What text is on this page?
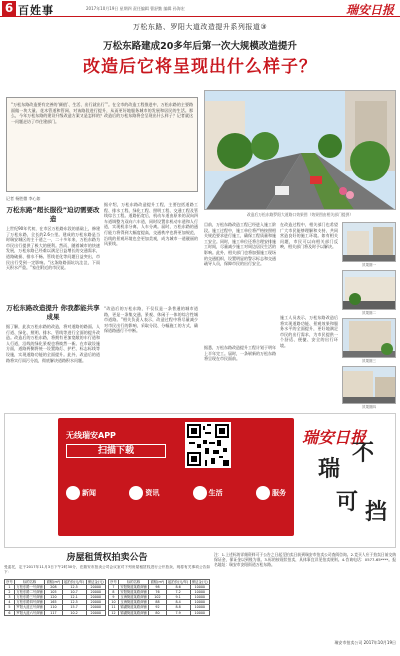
6 百姓事	2017年10月19日 星期四 责任编辑 曹舒勤 编辑 孙海宏	瑞安日报
万松东路、罗阳大道改造提升系列报道③
万松东路建成20多年后第一次大规模改造提升
改造后它将呈现出什么样子？
“万松东路改造要有完善的‘颜值’、生活、出行就出行’”。在全市的改造工程推进中，万松东路的主要路面做一块大量、花木管道和管网、对该路段进行提升，从而更好地服务城市的发展和居民的生活。那么，今年万松东路的建设升级改造方案又是怎样的？改造后的万松东路将会呈现出什么样子？记者就这一问题走访了市住建部门。
记者 杨胜微 李心如
万松东路“超长服役”迫切需要改造
上世纪90年代初，在市区万松路东段的基础上，修建了万松东路，全长约2.6公里。建成的万松东路是当时瑞安城区的主干道之一，二十多年来，万松东路为市民出行提供了极大的便利。然而，随着城市的快速发展，万松东路已经难以满足日益增长的交通需求，道路破损、排水不畅、管线老化等问题日益突出，市民出行受到一定影响。“这条路路面坑坑洼洼，下雨天积水严重。”家住附近的市民说。
万松东路改造提升 你我都能共享成果
据了解，此次万松东路的改造，将对道路的路面、人行道、绿化、照明、排水、管线等进行全面的提升改造。改造后的万松东路，将拥有更加宽敞的车行道和人行道，沿线的绿化景观也将焕然一新。在市政设施方面，道路两侧将统一设置路灯、护栏、标志标线等设施，实现道路功能的全面提升。此外，改造后的道路将实行雨污分流，彻底解决道路积水问题。
据介绍，万松东路改造提升工程，主要包括道路工程、排水工程、绿化工程、照明工程、交通工程及管线综合工程。道路拓宽后，机动车道由原来的双向四车道调整为双向六车道，同时设置非机动车道和人行道，实现机非分离、人车分离。届时，万松东路的通行能力将得到大幅度提高，交通秩序也将更加规范，沿线的景观环境也会更加美观，成为城市一道靓丽的风景线。
“改造后的万松东路，不仅仅是一条普通的城市道路，更是一条集交通、景观、休闲于一体的综合性城市道路。”相关负责人表示，改造过程中将尽量减少对市民出行的影响，采取分段、分幅施工的方式，确保道路通行不中断。
改造后万松东路罗阳大道路口效果图（效果图由相关部门提供）
目前，万松东路改造工程已经进入施工阶段。施工过程中，施工单位将严格按照相关规范要求进行施工，确保工程质量和施工安全。同时，施工单位还将合理安排施工时间，尽量减少施工对周边居民生活的影响。此外，相关部门也将加强施工现场的交通组织，设置明显的警示标志和交通疏导人员，保障市民的出行安全。
据悉，万松东路改造提升工程计划于明年上半年完工。届时，一条崭新的万松东路将呈现在市民面前。
在改造过程中，相关部门也希望广大市民能够理解和支持，共同营造良好的施工环境。如有相关问题，市民可以向相关部门反映，相关部门将及时予以解决。
施工人员表示，万松东路改造后将实现道路功能、景观效果和服务水平的全面提升，更好地满足市民的出行需求，为市民提供一个舒适、便捷、安全的出行环境。
效果图一
效果图二
效果图三
效果图四
无线瑞安APP
扫描下载
新闻	资讯	生活	服务
瑞安日报
瑞
不
可 挡
房屋租赁权拍卖公告
受委托，定于2017年11月3日下午2时30分，在瑞安市拍卖公司会议室对下列房屋租赁权进行公开拍卖，现将有关事项公告如下：
序号	标的名称	面积(m²)	起拍价(元/年)	保证金(元)
1	万松东路一号商铺	208	12.5	20000
2	万松东路二号商铺	105	10.7	20000
3	万松东路三号商铺	120	12.1	20000
4	万松东路四号商铺	165	12.5	20000
5	罗阳大道五号商铺	110	15.7	20000
6	罗阳大道六号商铺	117	10.2	20000
序号	标的名称	面积(m²)	起拍价(元/年)	保证金(元)
7	安阳街道某路商铺	98	8.6	10000
8	安阳街道某路商铺	76	7.2	10000
9	玉海街道某路商铺	102	9.1	10000
10	玉海街道某路商铺	88	8.4	10000
11	锦湖街道某路商铺	92	8.8	10000
12	锦湖街道某路商铺	80	7.9	10000
注：1.上述标的详细资料可于公告之日起至拍卖日前到瑞安市拍卖公司查阅咨询。2.竞买人应于拍卖日前交纳保证金，保证金以到账为准。3.标的按现状拍卖，具体事宜详见拍卖规则。4.咨询电话：0577-65****。报名地址：瑞安市安阳街道万松东路。
瑞安市拍卖公司 2017年10月19日
